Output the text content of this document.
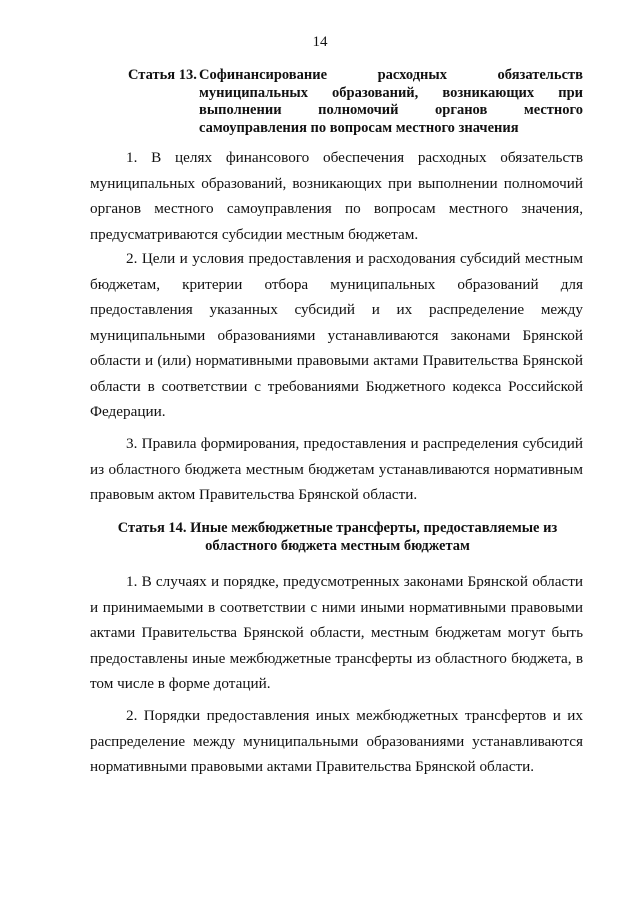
14
Статья 13. Софинансирование расходных обязательств муниципальных образований, возникающих при выполнении полномочий органов местного самоуправления по вопросам местного значения
1. В целях финансового обеспечения расходных обязательств муниципальных образований, возникающих при выполнении полномочий органов местного самоуправления по вопросам местного значения, предусматриваются субсидии местным бюджетам.
2. Цели и условия предоставления и расходования субсидий местным бюджетам, критерии отбора муниципальных образований для предоставления указанных субсидий и их распределение между муниципальными образованиями устанавливаются законами Брянской области и (или) нормативными правовыми актами Правительства Брянской области в соответствии с требованиями Бюджетного кодекса Российской Федерации.
3. Правила формирования, предоставления и распределения субсидий из областного бюджета местным бюджетам устанавливаются нормативным правовым актом Правительства Брянской области.
Статья 14. Иные межбюджетные трансферты, предоставляемые из областного бюджета местным бюджетам
1. В случаях и порядке, предусмотренных законами Брянской области и принимаемыми в соответствии с ними иными нормативными правовыми актами Правительства Брянской области, местным бюджетам могут быть предоставлены иные межбюджетные трансферты из областного бюджета, в том числе в форме дотаций.
2. Порядки предоставления иных межбюджетных трансфертов и их распределение между муниципальными образованиями устанавливаются нормативными правовыми актами Правительства Брянской области.
